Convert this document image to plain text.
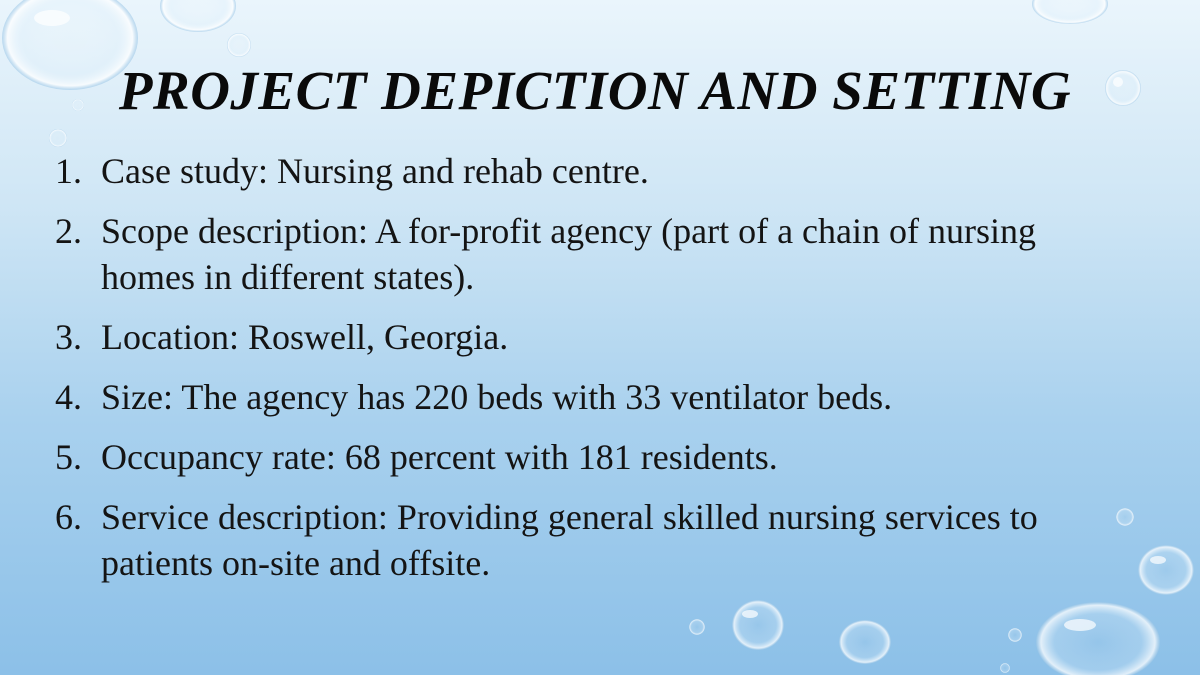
PROJECT DEPICTION AND SETTING
1. Case study: Nursing and rehab centre.
2. Scope description: A for-profit agency (part of a chain of nursing homes in different states).
3. Location: Roswell, Georgia.
4. Size: The agency has 220 beds with 33 ventilator beds.
5. Occupancy rate: 68 percent with 181 residents.
6. Service description: Providing general skilled nursing services to patients on-site and offsite.
